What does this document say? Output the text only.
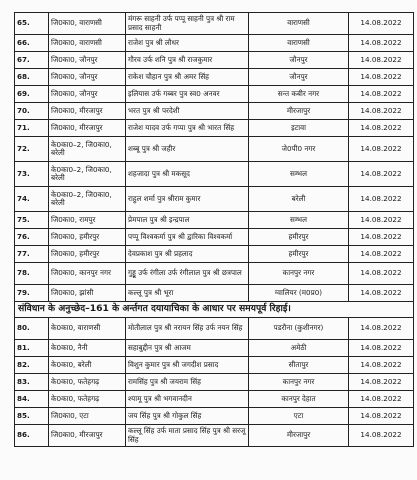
65.	जि0का0, वाराणसी	मंगरू साहनी उर्फ पप्पू साहनी पुत्र श्री राम प्रसाद साहनी	वाराणसी	14.08.2022
66.	जि0का0, वाराणसी	राजेश पुत्र श्री लौधर	वाराणसी	14.08.2022
67.	जि0का0, जौनपुर	गौरव उर्फ शनि पुत्र श्री राजकुमार	जौनपुर	14.08.2022
68.	जि0का0, जौनपुर	राकेश चौहान पुत्र श्री अमर सिंह	जौनपुर	14.08.2022
69.	जि0का0, जौनपुर	इलियास उर्फ गब्बर पुत्र स्व0 अनवर	सन्त कबीर नगर	14.08.2022
70.	जि0का0, मीरजापुर	भरत पुत्र श्री परदेशी	मीरजापुर	14.08.2022
71.	जि0का0, मीरजापुर	राजेश यादव उर्फ गप्पा पुत्र श्री भारत सिंह	इटावा	14.08.2022
72.	के0का0–2, जि0का0, बरेली	शब्बू पुत्र श्री जहीर	जे0पी0 नगर	14.08.2022
73.	के0का0–2, जि0का0, बरेली	शहजादा पुत्र श्री मकसूद	सम्भल	14.08.2022
74.	के0का0–2, जि0का0, बरेली	राहुल शर्मा पुत्र श्रीराम कुमार	बरेली	14.08.2022
75.	जि0का0, रामपुर	प्रेमपाल पुत्र श्री इन्द्रपाल	सम्भल	14.08.2022
76.	जि0का0, हमीरपुर	पप्पू विश्वकर्मा पुत्र श्री द्वारिका विश्वकर्मा	हमीरपुर	14.08.2022
77.	जि0का0, हमीरपुर	देवप्रकाश पुत्र श्री प्रहलाद	हमीरपुर	14.08.2022
78.	जि0का0, कानपुर नगर	गुड्डू उर्फ रंगीला उर्फ रंगीलाल पुत्र श्री छत्रपाल	कानपुर नगर	14.08.2022
79.	जि0का0, झांसी	कल्लू पुत्र श्री भूरा	ग्वालियर (म0प्र0)	14.08.2022
संविधान के अनुच्छेद–161 के अर्न्तगत दयायाचिका के आधार पर समयपूर्व रिहाई।				
80.	के0का0, वाराणसी	मोतीलाल पुत्र श्री नरायन सिंह उर्फ नयन सिंह	पडरौना (कुशीनगर)	14.08.2022
81.	के0का0, नैनी	सहाबुद्दीन पुत्र श्री आजम	अमेठी	14.08.2022
82.	के0का0, बरेली	विशुन कुमार पुत्र श्री जगदीश प्रसाद	सीतापुर	14.08.2022
83.	के0का0, फतेहगढ़	रामसिंह पुत्र श्री जयराम सिंह	कानपुर नगर	14.08.2022
84.	के0का0, फतेहगढ़	श्यामू पुत्र श्री भगवानदीन	कानपुर देहात	14.08.2022
85.	जि0का0, एटा	जय सिंह पुत्र श्री गोकुल सिंह	एटा	14.08.2022
86.	जि0का0, मीरजापुर	कल्लू सिंह उर्फ माता प्रसाद सिंह पुत्र श्री सरजू सिंह	मीरजापुर	14.08.2022
